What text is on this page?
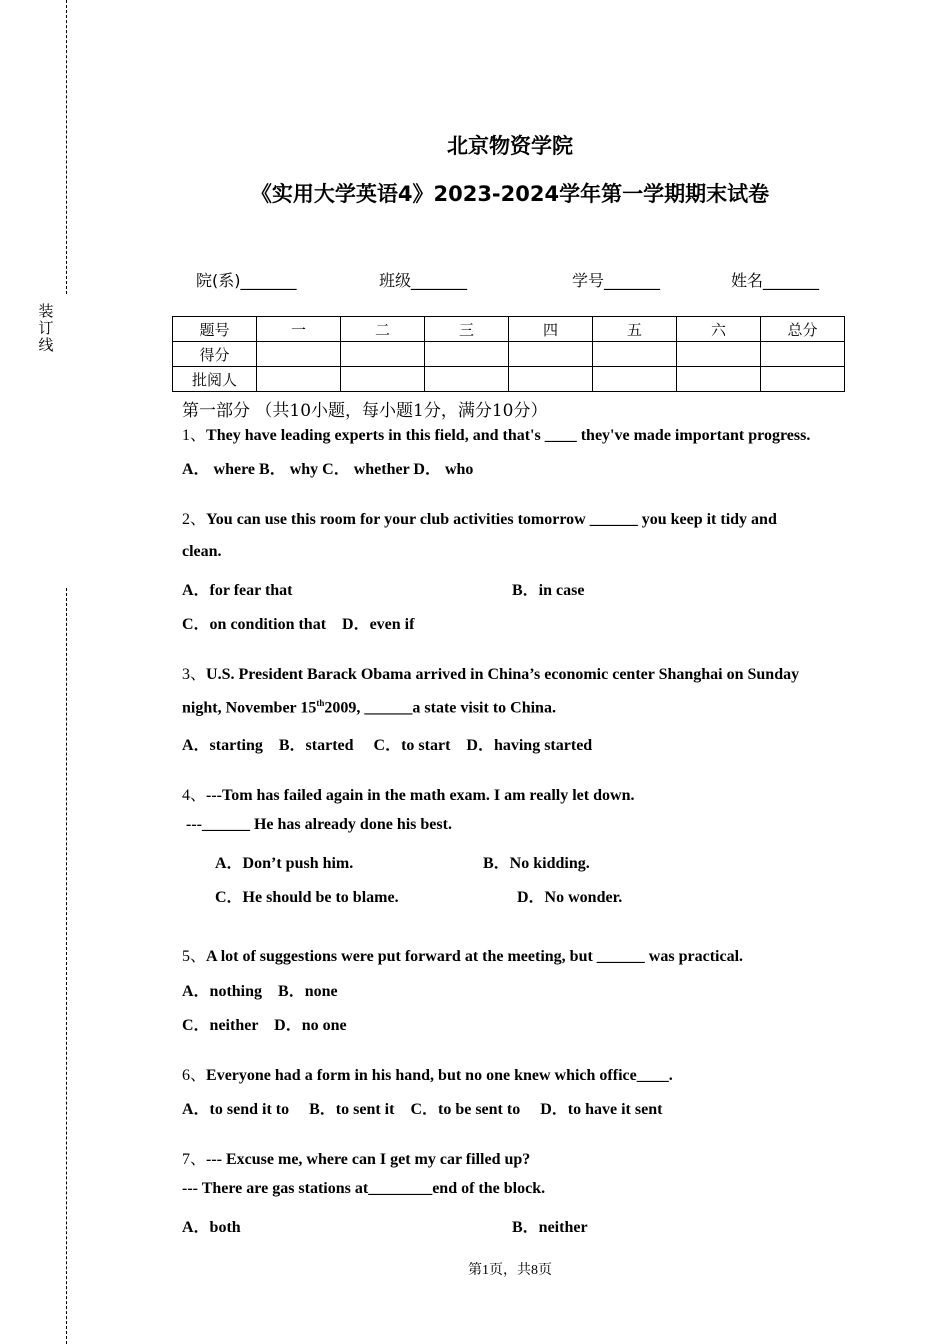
装
订
线
北京物资学院
《实用大学英语4》2023-2024学年第一学期期末试卷
院(系)_______	班级_______	学号_______	姓名_______
题号	一	二	三	四	五	六	总分
得分							
批阅人							
第一部分 （共10小题，每小题1分，满分10分）
1、They have leading experts in this field, and that's ____ they've made important progress.
A． where B． why C． whether D． who
2、You can use this room for your club activities tomorrow ______ you keep it tidy and
clean.
A．for fear that	B．in case
C．on condition that　D．even if
3、U.S. President Barack Obama arrived in China’s economic center Shanghai on Sunday
night, November 15th2009, ______a state visit to China.
A．starting　B．started　 C．to start　D．having started
4、---Tom has failed again in the math exam. I am really let down.
---______ He has already done his best.
A．Don’t push him.	B．No kidding.
C．He should be to blame.	D．No wonder.
5、A lot of suggestions were put forward at the meeting, but ______ was practical.
A．nothing　B．none
C．neither　D．no one
6、Everyone had a form in his hand, but no one knew which office____.
A．to send it to　 B．to sent it　C．to be sent to　 D．to have it sent
7、--- Excuse me, where can I get my car filled up?
--- There are gas stations at________end of the block.
A．both	B．neither
第1页，共8页
